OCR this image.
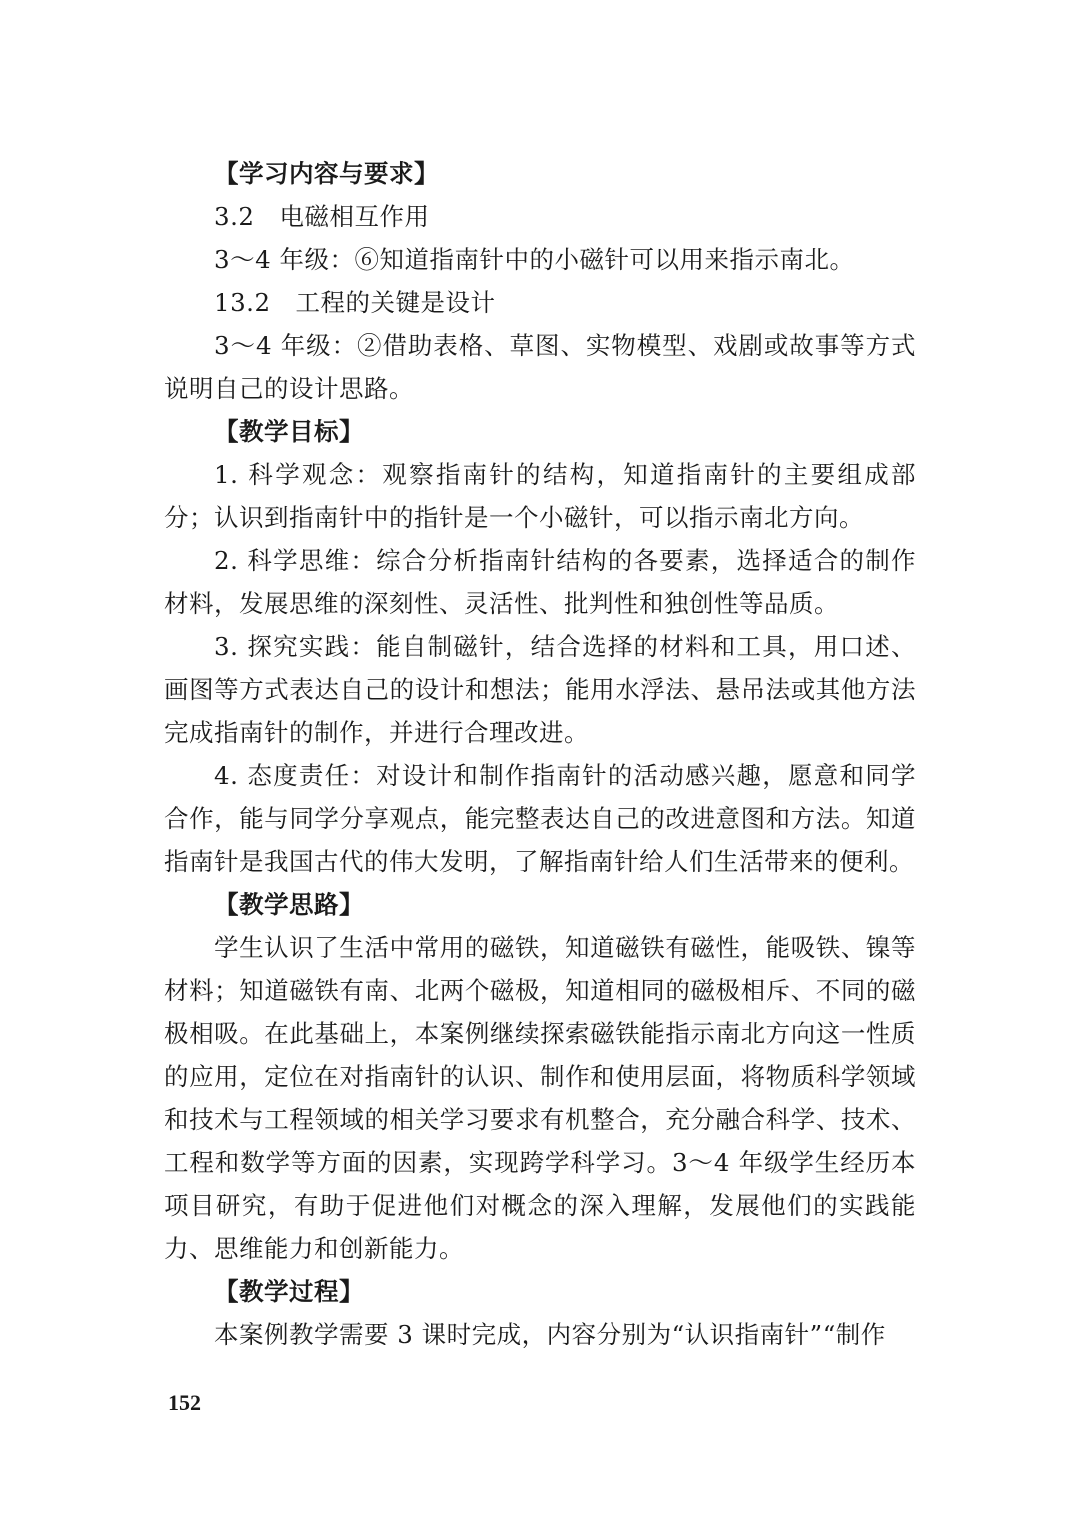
【学习内容与要求】

3.2　电磁相互作用

3～4 年级：⑥知道指南针中的小磁针可以用来指示南北。

13.2　工程的关键是设计

3～4 年级：②借助表格、草图、实物模型、戏剧或故事等方式说明自己的设计思路。

【教学目标】

1. 科学观念：观察指南针的结构，知道指南针的主要组成部分；认识到指南针中的指针是一个小磁针，可以指示南北方向。

2. 科学思维：综合分析指南针结构的各要素，选择适合的制作材料，发展思维的深刻性、灵活性、批判性和独创性等品质。

3. 探究实践：能自制磁针，结合选择的材料和工具，用口述、画图等方式表达自己的设计和想法；能用水浮法、悬吊法或其他方法完成指南针的制作，并进行合理改进。

4. 态度责任：对设计和制作指南针的活动感兴趣，愿意和同学合作，能与同学分享观点，能完整表达自己的改进意图和方法。知道指南针是我国古代的伟大发明，了解指南针给人们生活带来的便利。

【教学思路】

学生认识了生活中常用的磁铁，知道磁铁有磁性，能吸铁、镍等材料；知道磁铁有南、北两个磁极，知道相同的磁极相斥、不同的磁极相吸。在此基础上，本案例继续探索磁铁能指示南北方向这一性质的应用，定位在对指南针的认识、制作和使用层面，将物质科学领域和技术与工程领域的相关学习要求有机整合，充分融合科学、技术、工程和数学等方面的因素，实现跨学科学习。3～4 年级学生经历本项目研究，有助于促进他们对概念的深入理解，发展他们的实践能力、思维能力和创新能力。

【教学过程】

本案例教学需要 3 课时完成，内容分别为“认识指南针”“制作

152
